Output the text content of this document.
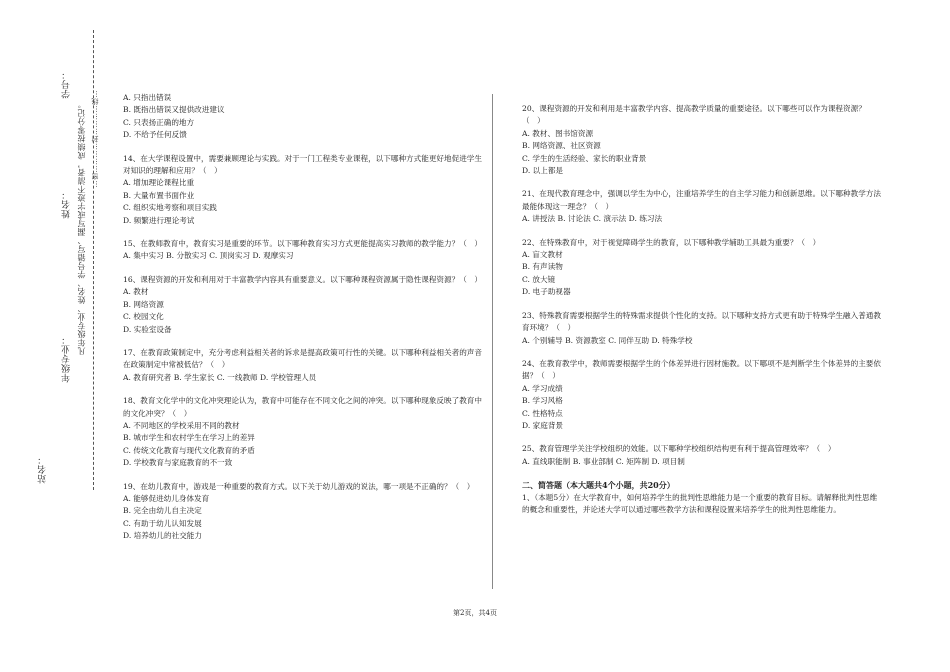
学号：
姓名：
年级专业：
凡年级专业、姓名、学号错写、漏写或字迹不清者，成绩按零分记。 …密…………封…………线…
站名：

A. 只指出错误

B. 既指出错误又提供改进建议

C. 只表扬正确的地方

D. 不给予任何反馈

14、在大学课程设置中，需要兼顾理论与实践。对于一门工程类专业课程，以下哪种方式能更好地促进学生对知识的理解和应用？（　）

A. 增加理论课程比重

B. 大量布置书面作业

C. 组织实地考察和项目实践

D. 频繁进行理论考试

15、在教师教育中，教育实习是重要的环节。以下哪种教育实习方式更能提高实习教师的教学能力？（　）

A. 集中实习 B. 分散实习 C. 顶岗实习 D. 观摩实习

16、课程资源的开发和利用对于丰富教学内容具有重要意义。以下哪种课程资源属于隐性课程资源？（　）

A. 教材

B. 网络资源

C. 校园文化

D. 实验室设备

17、在教育政策制定中，充分考虑利益相关者的诉求是提高政策可行性的关键。以下哪种利益相关者的声音在政策制定中常被低估？（　）

A. 教育研究者 B. 学生家长 C. 一线教师 D. 学校管理人员

18、教育文化学中的文化冲突理论认为，教育中可能存在不同文化之间的冲突。以下哪种现象反映了教育中的文化冲突？（　）

A. 不同地区的学校采用不同的教材

B. 城市学生和农村学生在学习上的差异

C. 传统文化教育与现代文化教育的矛盾

D. 学校教育与家庭教育的不一致

19、在幼儿教育中，游戏是一种重要的教育方式。以下关于幼儿游戏的说法，哪一项是不正确的？（　）

A. 能够促进幼儿身体发育

B. 完全由幼儿自主决定

C. 有助于幼儿认知发展

D. 培养幼儿的社交能力

20、课程资源的开发和利用是丰富教学内容、提高教学质量的重要途径。以下哪些可以作为课程资源？（　）

A. 教材、图书馆资源

B. 网络资源、社区资源

C. 学生的生活经验、家长的职业背景

D. 以上都是

21、在现代教育理念中，强调以学生为中心，注重培养学生的自主学习能力和创新思维。以下哪种教学方法最能体现这一理念？（　）

A. 讲授法 B. 讨论法 C. 演示法 D. 练习法

22、在特殊教育中，对于视觉障碍学生的教育，以下哪种教学辅助工具最为重要？（　）

A. 盲文教材

B. 有声读物

C. 放大镜

D. 电子助视器

23、特殊教育需要根据学生的特殊需求提供个性化的支持。以下哪种支持方式更有助于特殊学生融入普通教育环境？（　）

A. 个别辅导 B. 资源教室 C. 同伴互助 D. 特殊学校

24、在教育教学中，教师需要根据学生的个体差异进行因材施教。以下哪项不是判断学生个体差异的主要依据？（　）

A. 学习成绩

B. 学习风格

C. 性格特点

D. 家庭背景

25、教育管理学关注学校组织的效能。以下哪种学校组织结构更有利于提高管理效率？（　）

A. 直线职能制 B. 事业部制 C. 矩阵制 D. 项目制

二、简答题（本大题共4个小题，共20分）

1、（本题5分）在大学教育中，如何培养学生的批判性思维能力是一个重要的教育目标。请解释批判性思维的概念和重要性，并论述大学可以通过哪些教学方法和课程设置来培养学生的批判性思维能力。

第2页，共4页
